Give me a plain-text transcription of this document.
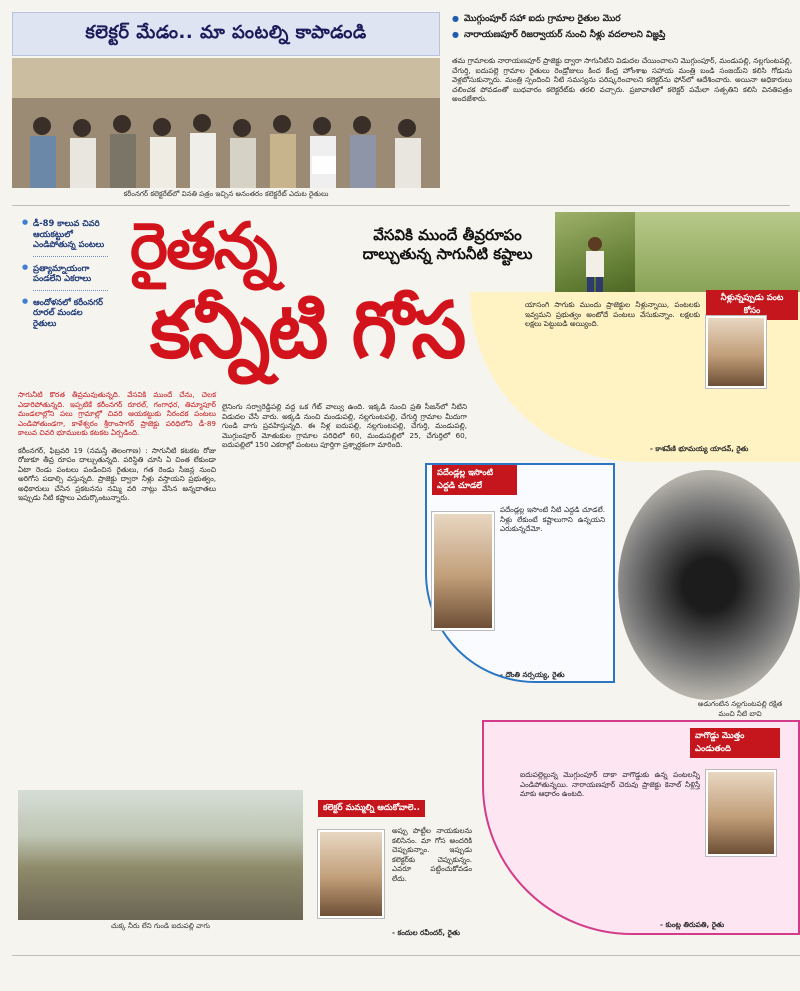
కలెక్టర్‌ మేడం.. మా పంటల్ని కాపాడండి
కరీంనగర్‌ కలెక్టరేట్‌లో వినతి పత్రం ఇచ్చిన అనంతరం కలెక్టరేట్‌ ఎదుట రైతులు
● మొగ్గుంపూర్‌ సహా ఐదు గ్రామాల రైతుల మొర
● నారాయణపూర్‌ రిజర్వాయర్‌ నుంచి నీళ్లు వదలాలని విజ్ఞప్తి
తమ గ్రామాలకు నారాయణపూర్‌ ప్రాజెక్టు ద్వారా సాగునీటిని విడుదల చేయించాలని మొగ్గుంపూర్‌, మండుపల్లి, నల్లగుంటపల్లి, చేగుర్తి, ఐదుపల్లె గ్రామాల రైతులు రెండ్రోజులు కింద కేంద్ర హోంశాఖ సహాయ మంత్రి బండి సంజయ్‌ని కలిసి గోడును వెళ్లబోసుకున్నారు. మంత్రి స్పందించి నీటి సమస్యను పరిష్కరించాలని కలెక్టర్‌ను ఫోన్‌లో ఆదేశించారు. అయినా అధికారులు చలించక పోవడంతో బుధవారం కలెక్టరేట్‌కు తరలి వచ్చారు. ప్రజావాణిలో కలెక్టర్‌ పమేలా సత్పతిని కలిసి వినతిపత్రం అందజేశారు.
● డీ-89 కాలువ చివరి ఆయకట్టులో ఎండిపోతున్న పంటలు
● ప్రత్యామ్నాయంగా పండలేని ఎకరాలు
● ఆందోళనలో కరీంనగర్‌ రూరల్‌ మండల రైతులు
రైతన్న
కన్నీటి గోస
వేసవికి ముందే తీవ్రరూపం దాల్చుతున్న సాగునీటి కష్టాలు
నీళ్లున్నప్పుడు పంట కోసం
యాసంగి సాగుకు ముందు ప్రాజెక్టుల నీళ్లున్నాయి, పంటలకు ఇవ్వమని ప్రభుత్వం అంటోదే పంటలు వేసుకున్నాం. లక్షలకు లక్షలు పెట్టుబడి అయ్యింది.
- కాశవేణి భూమయ్య యాదవ్‌, రైతు
పదేండ్లల్ల ఇసొంటి ఎద్దడి చూడలే
పదేండ్లల్ల ఇసొంటి నీటి ఎద్దడి చూడలే. నీళ్లు లేకుంటే కష్టాలుగాని ఉన్నయని ఎరుకున్నదేమో.
- దొంతి నర్సయ్య, రైతు
అడుగంటిన నల్లగుంటపల్లి రక్షిత మంచి నీటి బావి
వాగొడ్డు మొత్తం ఎండుతంది
ఐదుపల్లెల్లున్న మొగ్గుంపూర్‌ దాకా వాగొడ్డుకు ఉన్న పంటలన్నీ ఎండిపోతున్నయి. నారాయణపూర్‌ చెరువు ప్రాజెక్టు కెనాల్‌ నీళ్లిస్తే మాకు ఆధారం ఉంటది.
- కుంట్ల తిరుపతి, రైతు
సాగునీటి కొరత తీవ్రమవుతున్నది. వేసవికి ముందే చేను, చెలక ఎడారిపోతున్నది. ఇప్పటికే కరీంనగర్‌ రూరల్‌, గంగాధర, తిమ్మాపూర్‌ మండలాల్లోని పలు గ్రామాల్లో చివరి ఆయకట్టుకు నీరందక పంటలు ఎండిపోతుండగా, కాళేశ్వరం శ్రీరాంసాగర్‌ ప్రాజెక్టు పరిధిలోని డీ-89 కాలువ చివరి భూములకు కటకట ఏర్పడింది.
కరీంనగర్‌, ఫిబ్రవరి 19 (నమస్తే తెలంగాణ) : సాగునీటి కటకట రోజు రోజుకూ తీవ్ర రూపం దాల్చుతున్నది. పరిస్థితి చూసి ఏ చింత లేకుండా ఏటా రెండు పంటలు పండించిన రైతులు, గత రెండు సీజన్ల నుంచి అరిగోస పడాల్సి వస్తున్నది. ప్రాజెక్టు ద్వారా నీళ్లు వస్తాయని ప్రభుత్వం, అధికారులు చేసిన ప్రకటనను నమ్మి వరి నాట్లు వేసిన అన్నదాతలు ఇప్పుడు నీటి కష్టాలు ఎదుర్కొంటున్నారు.
లైనింగు సర్వారెడ్డిపల్లి వద్ద ఒక గేట్‌ వాల్వు ఉంది. ఇక్కడి నుంచి ప్రతి సీజన్‌లో నీటిని విడుదల చేసే వారు. అక్కడి నుంచి మండుపల్లి, నల్లగుంటపల్లి, చేగుర్తి గ్రామాల మీదుగా గుండి వాగు ప్రవహిస్తున్నది. ఈ నీళ్ల ఐదుపల్లి, నల్లగుంటపల్లి, చేగుర్తి, మండుపల్లి, మొగ్గుంపూర్‌ మోతుకుల గ్రామాల పరిధిలో 60, మండుపల్లిలో 25, చేగుర్తిలో 60, ఐదుపల్లిలో 150 ఎకరాల్లో పంటలు పూర్తిగా ప్రశ్నార్థకంగా మారింది.
చుక్క నీరు లేని గుండి ఐదుపల్లి వాగు
కలెక్టర్‌ మమ్మల్ని ఆదుకోవాలె..
అప్పు పొట్టీల నాయకులను కలిసినం. మా గోస అందరికి చెప్పుకున్నాం. ఇప్పుడు కలెక్టర్‌కు చెప్పుకున్నం. ఎవరూ పట్టించుకోవడం లేదు.
- కందుల రవీందర్‌, రైతు
